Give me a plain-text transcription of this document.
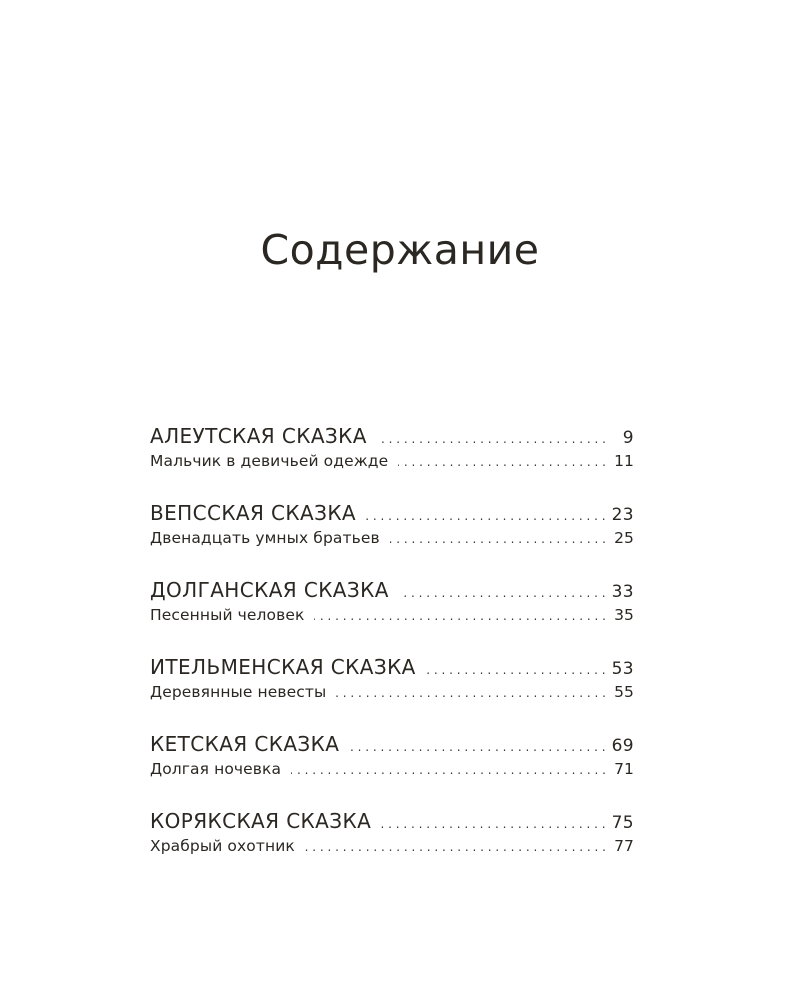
Содержание
АЛЕУТСКАЯ СКАЗКА . . .	9
Мальчик в девичьей одежде . . .	11
ВЕПССКАЯ СКАЗКА . . .	23
Двенадцать умных братьев . . .	25
ДОЛГАНСКАЯ СКАЗКА . . .	33
Песенный человек . . .	35
ИТЕЛЬМЕНСКАЯ СКАЗКА . . .	53
Деревянные невесты . . .	55
КЕТСКАЯ СКАЗКА . . .	69
Долгая ночевка . . .	71
КОРЯКСКАЯ СКАЗКА . . .	75
Храбрый охотник . . .	77
